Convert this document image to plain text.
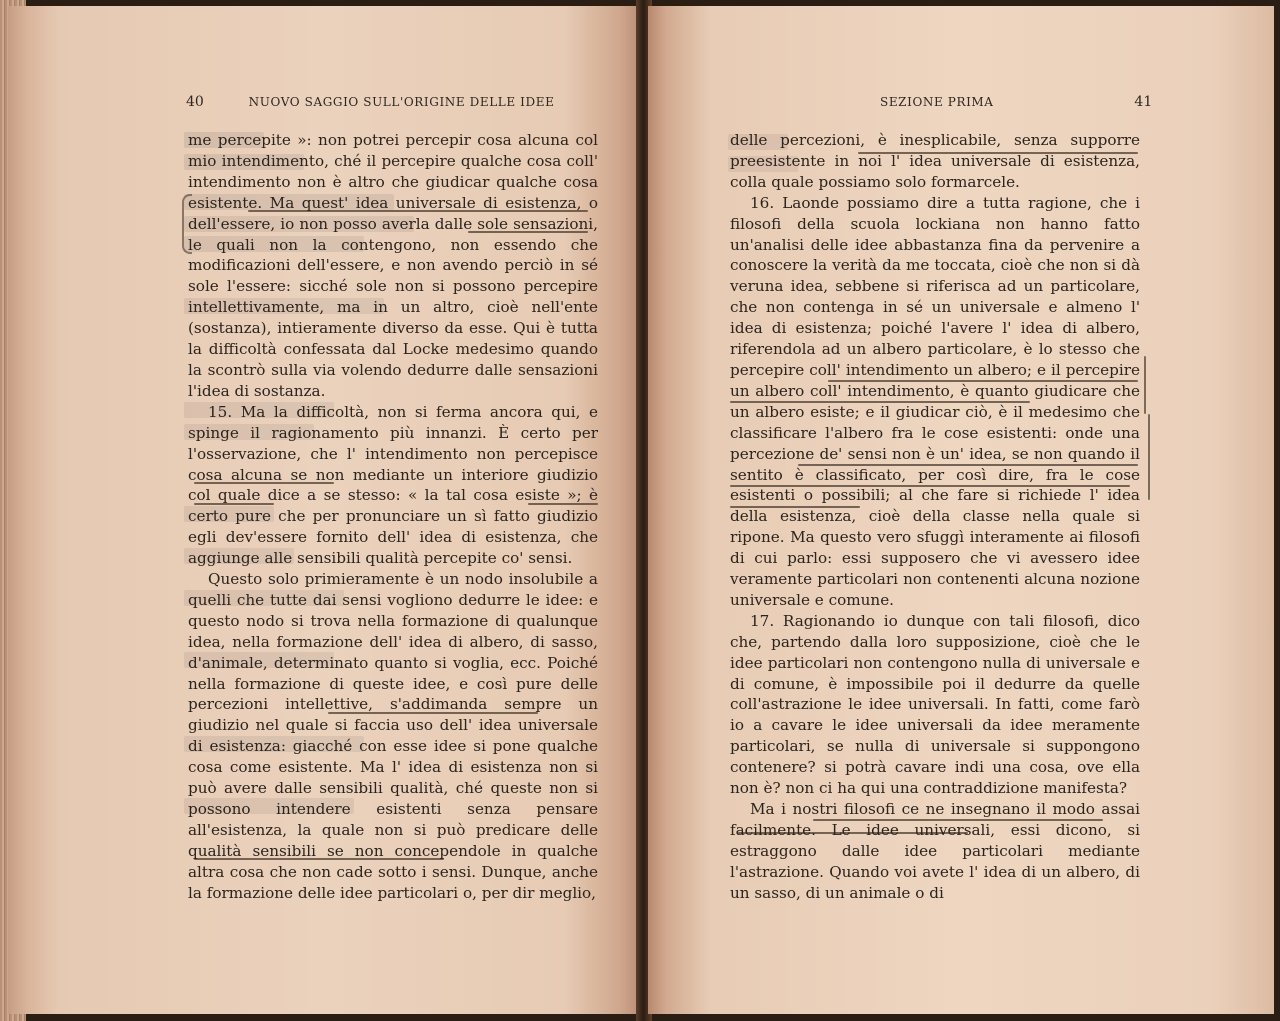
40	NUOVO SAGGIO SULL'ORIGINE DELLE IDEE

me percepite »: non potrei percepir cosa alcuna col mio intendimento, ché il percepire qualche cosa coll' intendimento non è altro che giudicar qualche cosa esistente. Ma quest' idea universale di esistenza, o dell'essere, io non posso averla dalle sole sensazioni, le quali non la contengono, non essendo che modificazioni dell'essere, e non avendo perciò in sé sole l'essere: sicché sole non si possono percepire intellettivamente, ma in un altro, cioè nell'ente (sostanza), intieramente diverso da esse. Qui è tutta la difficoltà confessata dal Locke medesimo quando la scontrò sulla via volendo dedurre dalle sensazioni l'idea di sostanza.

15. Ma la difficoltà, non si ferma ancora qui, e spinge il ragionamento più innanzi. È certo per l'osservazione, che l' intendimento non percepisce cosa alcuna se non mediante un interiore giudizio col quale dice a se stesso: « la tal cosa esiste »; è certo pure che per pronunciare un sì fatto giudizio egli dev'essere fornito dell' idea di esistenza, che aggiunge alle sensibili qualità percepite co' sensi.

Questo solo primieramente è un nodo insolubile a quelli che tutte dai sensi vogliono dedurre le idee: e questo nodo si trova nella formazione di qualunque idea, nella formazione dell' idea di albero, di sasso, d'animale, determinato quanto si voglia, ecc. Poiché nella formazione di queste idee, e così pure delle percezioni intellettive, s'addimanda sempre un giudizio nel quale si faccia uso dell' idea universale di esistenza: giacché con esse idee si pone qualche cosa come esistente. Ma l' idea di esistenza non si può avere dalle sensibili qualità, ché queste non si possono intendere esistenti senza pensare all'esistenza, la quale non si può predicare delle qualità sensibili se non concependole in qualche altra cosa che non cade sotto i sensi. Dunque, anche la formazione delle idee particolari o, per dir meglio,

SEZIONE PRIMA	41

delle percezioni, è inesplicabile, senza supporre preesistente in noi l' idea universale di esistenza, colla quale possiamo solo formarcele.

16. Laonde possiamo dire a tutta ragione, che i filosofi della scuola lockiana non hanno fatto un'analisi delle idee abbastanza fina da pervenire a conoscere la verità da me toccata, cioè che non si dà veruna idea, sebbene si riferisca ad un particolare, che non contenga in sé un universale e almeno l' idea di esistenza; poiché l'avere l' idea di albero, riferendola ad un albero particolare, è lo stesso che percepire coll' intendimento un albero; e il percepire un albero coll' intendimento, è quanto giudicare che un albero esiste; e il giudicar ciò, è il medesimo che classificare l'albero fra le cose esistenti: onde una percezione de' sensi non è un' idea, se non quando il sentito è classificato, per così dire, fra le cose esistenti o possibili; al che fare si richiede l' idea della esistenza, cioè della classe nella quale si ripone. Ma questo vero sfuggì interamente ai filosofi di cui parlo: essi supposero che vi avessero idee veramente particolari non contenenti alcuna nozione universale e comune.

17. Ragionando io dunque con tali filosofi, dico che, partendo dalla loro supposizione, cioè che le idee particolari non contengono nulla di universale e di comune, è impossibile poi il dedurre da quelle coll'astrazione le idee universali. In fatti, come farò io a cavare le idee universali da idee meramente particolari, se nulla di universale si suppongono contenere? si potrà cavare indi una cosa, ove ella non è? non ci ha qui una contraddizione manifesta?

Ma i nostri filosofi ce ne insegnano il modo assai facilmente. Le idee universali, essi dicono, si estraggono dalle idee particolari mediante l'astrazione. Quando voi avete l' idea di un albero, di un sasso, di un animale o di
